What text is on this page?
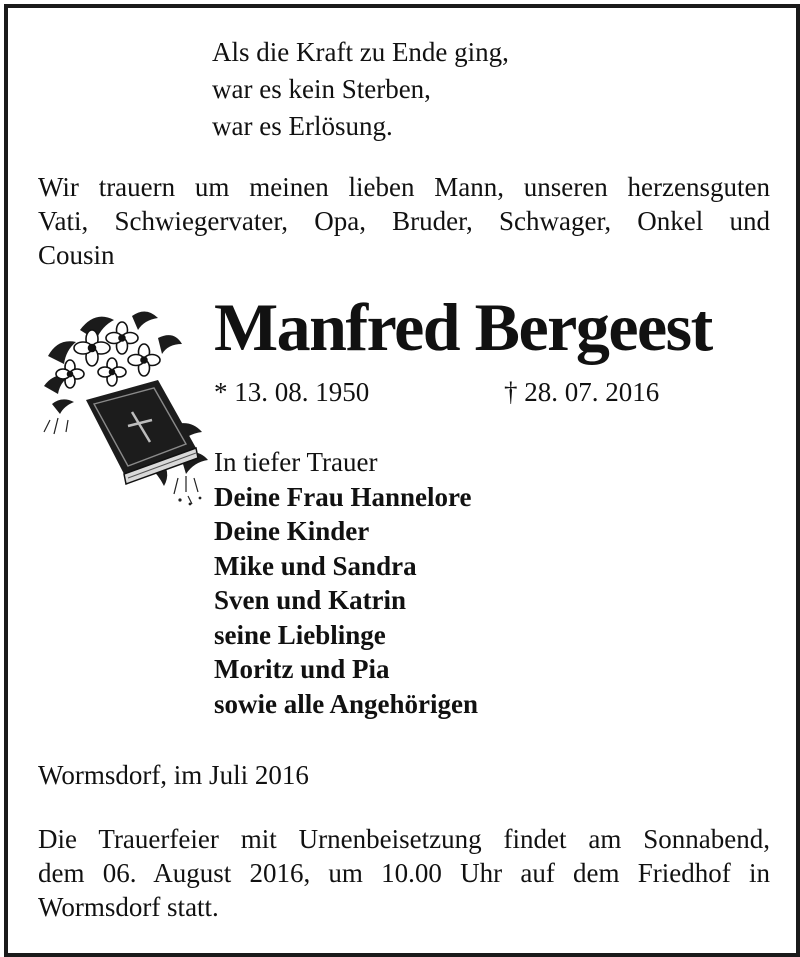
Als die Kraft zu Ende ging,
war es kein Sterben,
war es Erlösung.
Wir trauern um meinen lieben Mann, unseren herzensguten
Vati, Schwiegervater, Opa, Bruder, Schwager, Onkel und
Cousin
Manfred Bergeest
* 13. 08. 1950	† 28. 07. 2016
In tiefer Trauer
Deine Frau Hannelore
Deine Kinder
Mike und Sandra
Sven und Katrin
seine Lieblinge
Moritz und Pia
sowie alle Angehörigen
Wormsdorf, im Juli 2016
Die Trauerfeier mit Urnenbeisetzung findet am Sonnabend,
dem 06. August 2016, um 10.00 Uhr auf dem Friedhof in
Wormsdorf statt.
